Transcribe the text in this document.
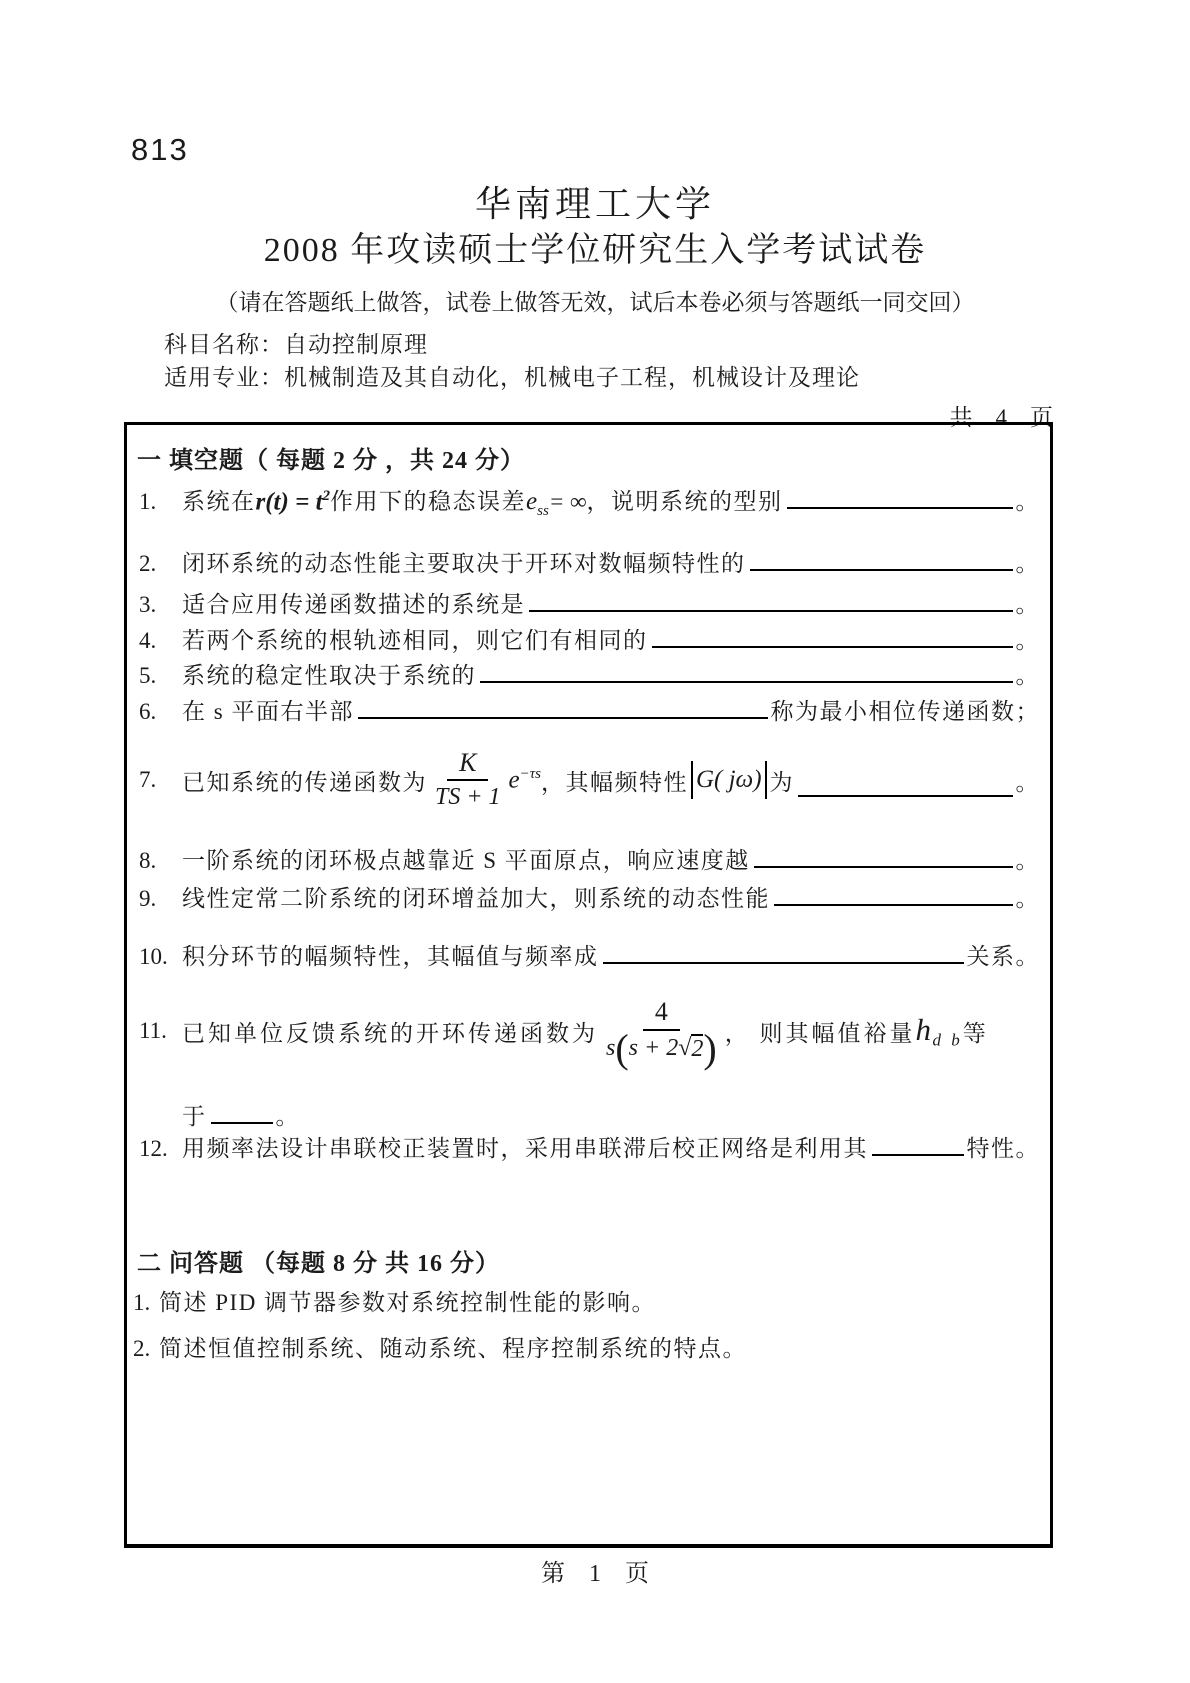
813
华南理工大学
2008 年攻读硕士学位研究生入学考试试卷
（请在答题纸上做答，试卷上做答无效，试后本卷必须与答题纸一同交回）
科目名称：自动控制原理
适用专业：机械制造及其自动化，机械电子工程，机械设计及理论
共　4　页
一 填空题（ 每题 2 分 ，共 24 分）
1.	系统在 $r(t) = t^2$ 作用下的稳态误差 $e_{ss}$ = ∞ ，说明系统的型别	。
2.	闭环系统的动态性能主要取决于开环对数幅频特性的	。
3.	适合应用传递函数描述的系统是	。
4.	若两个系统的根轨迹相同，则它们有相同的	。
5.	系统的稳定性取决于系统的	。
6.	在 s 平面右半部	称为最小相位传递函数；
7.	已知系统的传递函数为 $\frac{K}{TS + 1} e^{-\tau s}$ ，其幅频特性 G( jω) 为	。
8.	一阶系统的闭环极点越靠近 S 平面原点，响应速度越	。
9.	线性定常二阶系统的闭环增益加大，则系统的动态性能	。
10. 积分环节的幅频特性，其幅值与频率成	关系。
11. 已知单位反馈系统的开环传递函数为 $\frac{4}{s ( s + 2 √ 2 )}$ ， 则其幅值裕量 $h_{d b}$ 等
于	。
12. 用频率法设计串联校正装置时，采用串联滞后校正网络是利用其	特性。
二 问答题 （每题 8 分 共 16 分）
1. 简述 PID 调节器参数对系统控制性能的影响。
2. 简述恒值控制系统、随动系统、程序控制系统的特点。
第　1　页
